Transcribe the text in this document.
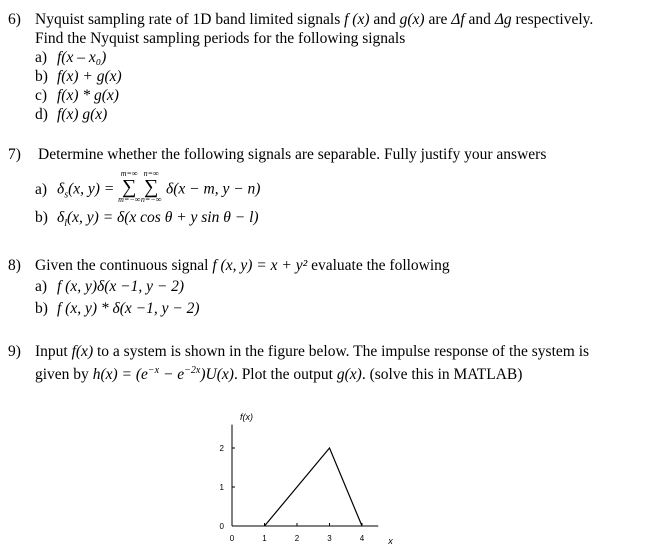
6) Nyquist sampling rate of 1D band limited signals f (x) and g(x) are Δf and Δg respectively.
Find the Nyquist sampling periods for the following signals
a) f(x – x₀)
b) f(x) + g(x)
c) f(x) * g(x)
d) f(x) g(x)
7) Determine whether the following signals are separable. Fully justify your answers
a) $\delta_s(x$, y) =
m=∞
∑
m=−∞
n=∞
∑
n=−∞
δ(x − m, y − n)
b) $\delta_l(x$, y) = δ(x cos θ + y sin θ − l)
8) Given the continuous signal f (x, y) = x + y² evaluate the following
a) f (x, y)δ(x −1, y − 2)
b) f (x, y) * δ(x −1, y − 2)
9) Input f(x) to a system is shown in the figure below. The impulse response of the system is
given by $h(x) = (e^{-x} - e^{-2x})U(x)$. Plot the output g(x). (solve this in MATLAB)
0	1	2	3	4
0
1
2
f(x)
x
